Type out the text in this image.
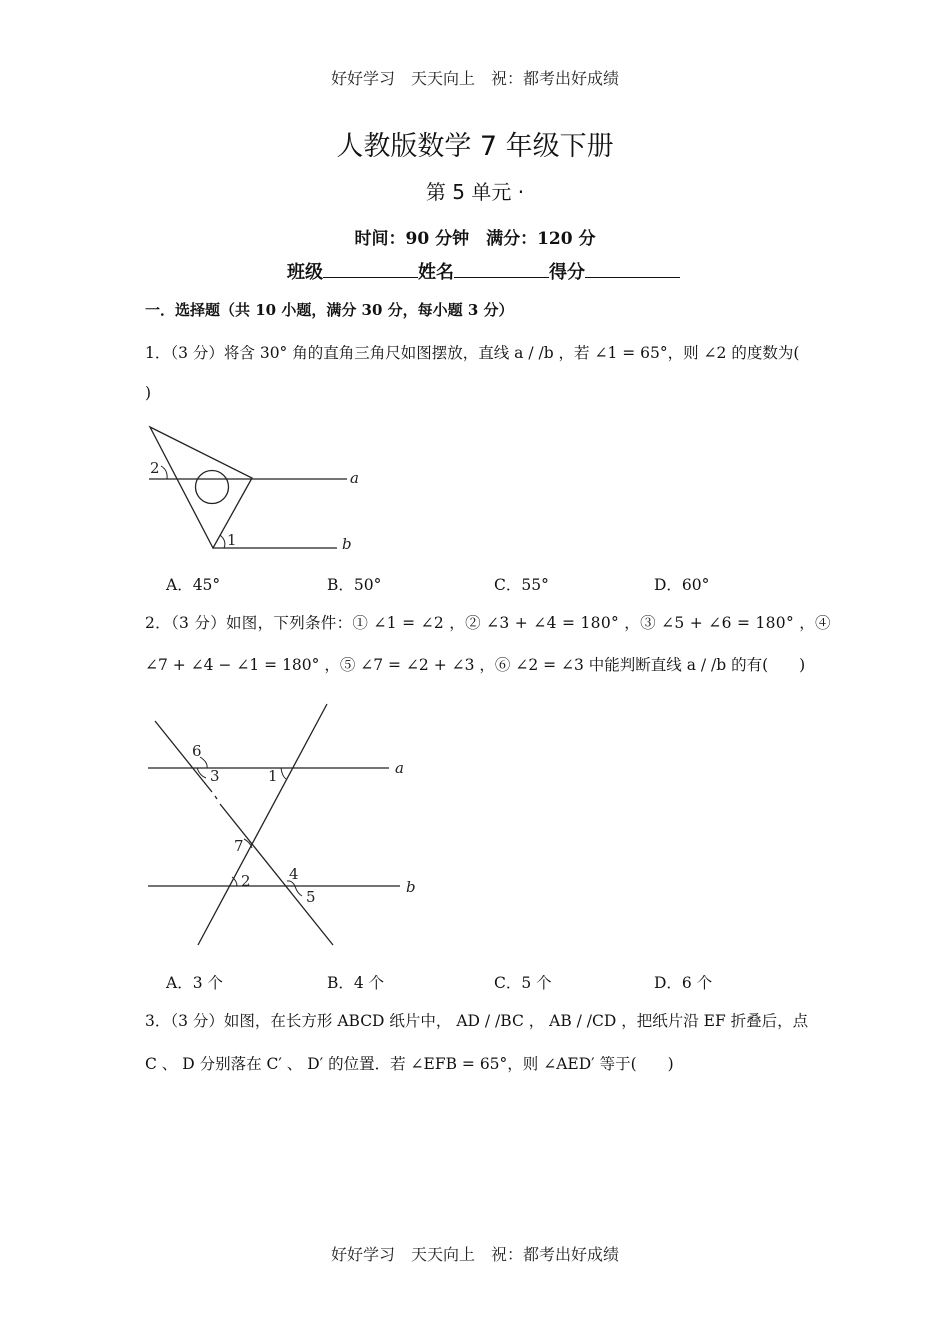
好好学习　天天向上　祝：都考出好成绩
人教版数学 7 年级下册
第 5 单元 ·
时间：90 分钟　满分：120 分
班级	姓名	得分
一．选择题（共 10 小题，满分 30 分，每小题 3 分）
1．（3 分）将含 30° 角的直角三角尺如图摆放，直线 a / /b ，若 ∠1 = 65°，则 ∠2 的度数为(
)
2
1
a
b
A．45°	B．50°	C．55°	D．60°
2．（3 分）如图，下列条件：① ∠1 = ∠2 ，② ∠3 + ∠4 = 180° ，③ ∠5 + ∠6 = 180° ，④
∠7 + ∠4 − ∠1 = 180° ，⑤ ∠7 = ∠2 + ∠3 ，⑥ ∠2 = ∠3 中能判断直线 a / /b 的有(　　)
6
3	1
7
2	4
5
a
b
A．3 个	B．4 个	C．5 个	D．6 个
3．（3 分）如图，在长方形 ABCD 纸片中， AD / /BC ， AB / /CD ，把纸片沿 EF 折叠后，点
C 、 D 分别落在 C′ 、 D′ 的位置．若 ∠EFB = 65°，则 ∠AED′ 等于(　　)
好好学习　天天向上　祝：都考出好成绩
